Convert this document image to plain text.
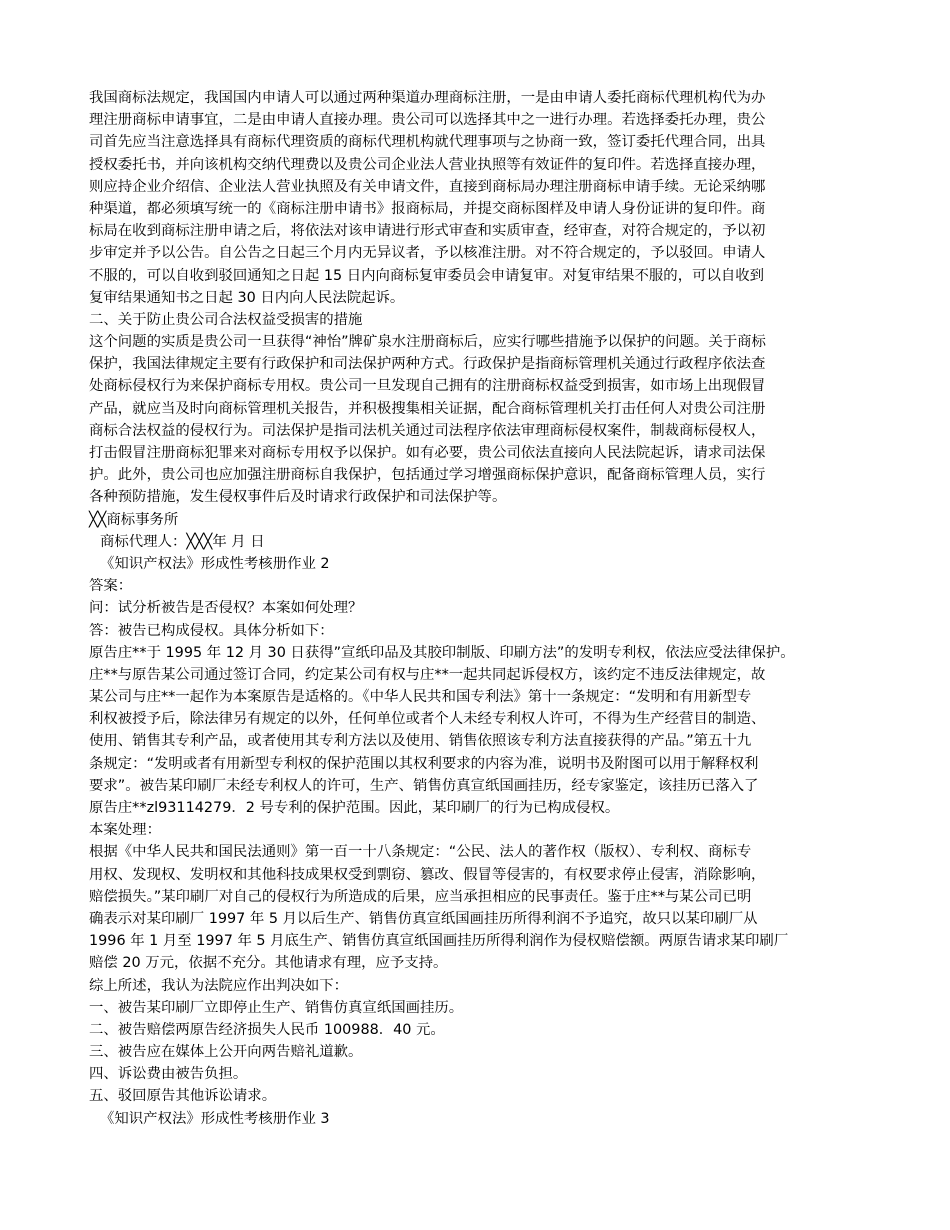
我国商标法规定，我国国内申请人可以通过两种渠道办理商标注册，一是由申请人委托商标代理机构代为办
理注册商标申请事宜，二是由申请人直接办理。贵公司可以选择其中之一进行办理。若选择委托办理，贵公
司首先应当注意选择具有商标代理资质的商标代理机构就代理事项与之协商一致，签订委托代理合同，出具
授权委托书，并向该机构交纳代理费以及贵公司企业法人营业执照等有效证件的复印件。若选择直接办理，
则应持企业介绍信、企业法人营业执照及有关申请文件，直接到商标局办理注册商标申请手续。无论采纳哪
种渠道，都必须填写统一的《商标注册申请书》报商标局，并提交商标图样及申请人身份证讲的复印件。商
标局在收到商标注册申请之后，将依法对该申请进行形式审查和实质审查，经审查，对符合规定的，予以初
步审定并予以公告。自公告之日起三个月内无异议者，予以核准注册。对不符合规定的，予以驳回。申请人
不服的，可以自收到驳回通知之日起 15 日内向商标复审委员会申请复审。对复审结果不服的，可以自收到
复审结果通知书之日起 30 日内向人民法院起诉。
二、关于防止贵公司合法权益受损害的措施
这个问题的实质是贵公司一旦获得“神怡”牌矿泉水注册商标后，应实行哪些措施予以保护的问题。关于商标
保护，我国法律规定主要有行政保护和司法保护两种方式。行政保护是指商标管理机关通过行政程序依法查
处商标侵权行为来保护商标专用权。贵公司一旦发现自己拥有的注册商标权益受到损害，如市场上出现假冒
产品，就应当及时向商标管理机关报告，并积极搜集相关证据，配合商标管理机关打击任何人对贵公司注册
商标合法权益的侵权行为。司法保护是指司法机关通过司法程序依法审理商标侵权案件，制裁商标侵权人，
打击假冒注册商标犯罪来对商标专用权予以保护。如有必要，贵公司依法直接向人民法院起诉，请求司法保
护。此外，贵公司也应加强注册商标自我保护，包括通过学习增强商标保护意识，配备商标管理人员，实行
各种预防措施，发生侵权事件后及时请求行政保护和司法保护等。
╳╳商标事务所
商标代理人：╳╳╳年 月 日
《知识产权法》形成性考核册作业 2
答案：
问：试分析被告是否侵权？本案如何处理？
答：被告已构成侵权。具体分析如下：
原告庄**于 1995 年 12 月 30 日获得”宣纸印品及其胶印制版、印刷方法”的发明专利权，依法应受法律保护。
庄**与原告某公司通过签订合同，约定某公司有权与庄**一起共同起诉侵权方，该约定不违反法律规定，故
某公司与庄**一起作为本案原告是适格的。《中华人民共和国专利法》第十一条规定：“发明和有用新型专
利权被授予后，除法律另有规定的以外，任何单位或者个人未经专利权人许可，不得为生产经营目的制造、
使用、销售其专利产品，或者使用其专利方法以及使用、销售依照该专利方法直接获得的产品。”第五十九
条规定：“发明或者有用新型专利权的保护范围以其权利要求的内容为准，说明书及附图可以用于解释权利
要求”。被告某印刷厂未经专利权人的许可，生产、销售仿真宣纸国画挂历，经专家鉴定，该挂历已落入了
原告庄**zl93114279．2 号专利的保护范围。因此，某印刷厂的行为已构成侵权。
本案处理：
根据《中华人民共和国民法通则》第一百一十八条规定：“公民、法人的著作权（版权）、专利权、商标专
用权、发现权、发明权和其他科技成果权受到剽窃、篡改、假冒等侵害的，有权要求停止侵害，消除影响，
赔偿损失。”某印刷厂对自己的侵权行为所造成的后果，应当承担相应的民事责任。鉴于庄**与某公司已明
确表示对某印刷厂 1997 年 5 月以后生产、销售仿真宣纸国画挂历所得利润不予追究，故只以某印刷厂从
1996 年 1 月至 1997 年 5 月底生产、销售仿真宣纸国画挂历所得利润作为侵权赔偿额。两原告请求某印刷厂
赔偿 20 万元，依据不充分。其他请求有理，应予支持。
综上所述，我认为法院应作出判决如下：
一、被告某印刷厂立即停止生产、销售仿真宣纸国画挂历。
二、被告赔偿两原告经济损失人民币 100988．40 元。
三、被告应在媒体上公开向两告赔礼道歉。
四、诉讼费由被告负担。
五、驳回原告其他诉讼请求。
《知识产权法》形成性考核册作业 3
